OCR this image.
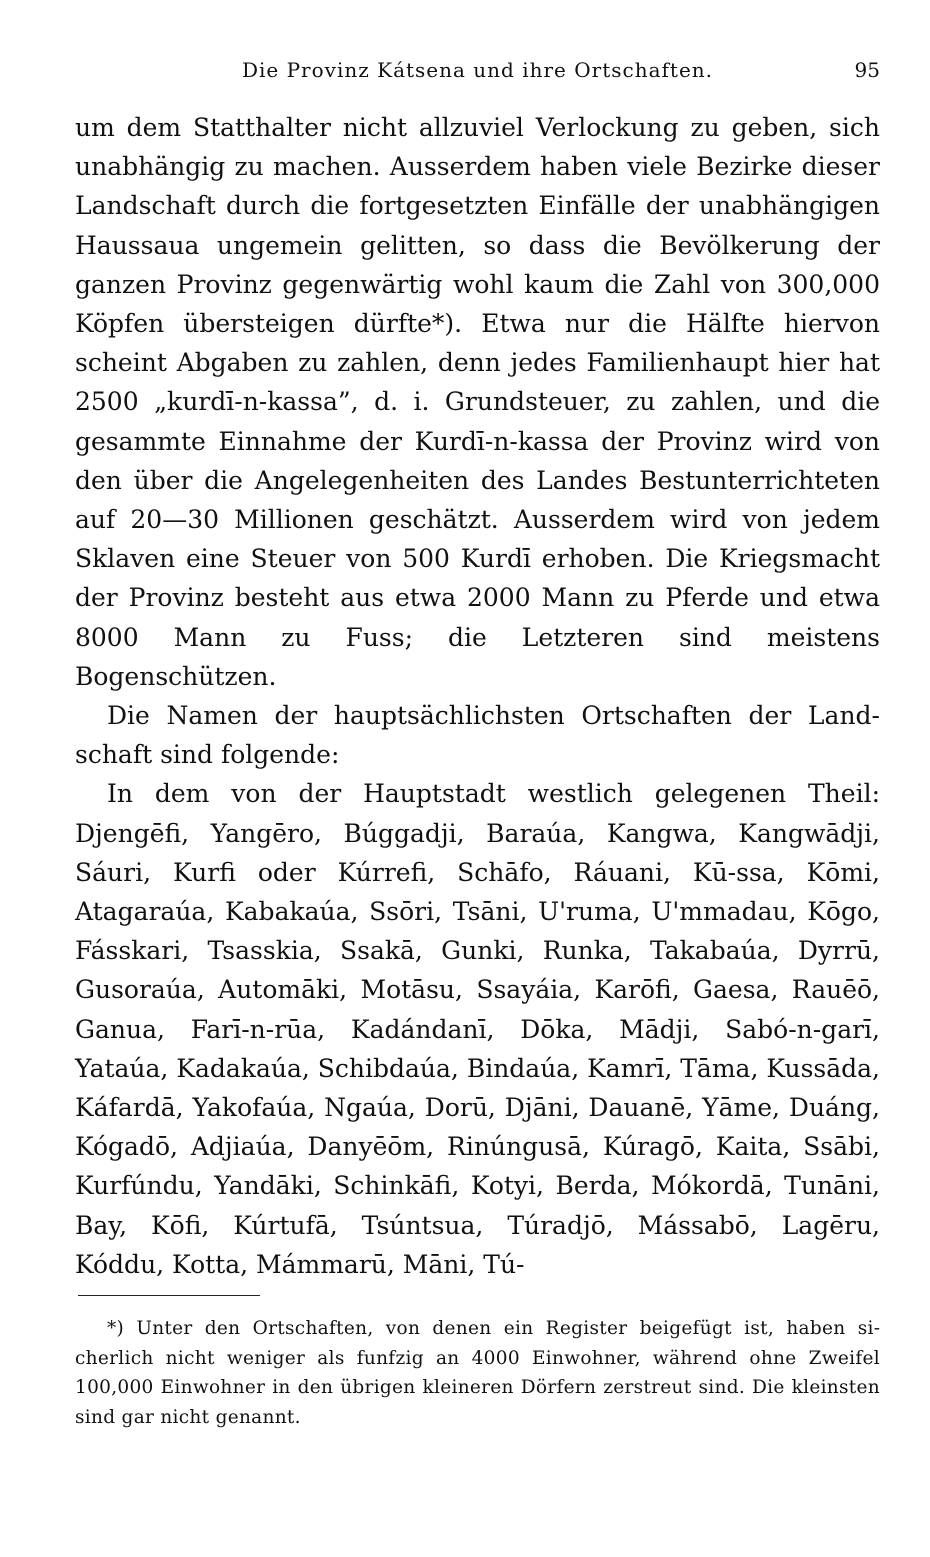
Die Provinz Kátsena und ihre Ortschaften.	95

um dem Statthalter nicht allzuviel Verlockung zu geben, sich unabhängig zu machen. Ausserdem haben viele Bezirke dieser Landschaft durch die fortgesetzten Einfälle der unabhängigen Haussaua ungemein gelitten, so dass die Bevölkerung der ganzen Provinz gegenwärtig wohl kaum die Zahl von 300,000 Köpfen übersteigen dürfte*). Etwa nur die Hälfte hiervon scheint Abgaben zu zahlen, denn jedes Familienhaupt hier hat 2500 „kurdī-n-kassa”, d. i. Grundsteuer, zu zahlen, und die gesammte Einnahme der Kurdī-n-kassa der Provinz wird von den über die Angelegenheiten des Landes Bestunterrichteten auf 20—30 Millionen geschätzt. Ausserdem wird von jedem Sklaven eine Steuer von 500 Kurdī erhoben. Die Kriegsmacht der Provinz besteht aus etwa 2000 Mann zu Pferde und etwa 8000 Mann zu Fuss; die Letzteren sind meistens Bogenschützen.

Die Namen der hauptsächlichsten Ortschaften der Landschaft sind folgende:

In dem von der Hauptstadt westlich gelegenen Theil: Djengēfi, Yangēro, Búggadji, Baraúa, Kangwa, Kangwādji, Sáuri, Kurfi oder Kúrrefi, Schāfo, Ráuani, Kū-ssa, Kōmi, Atagaraúa, Kabakaúa, Ssōri, Tsāni, U'ruma, U'mmadau, Kōgo, Fásskari, Tsasskia, Ssakā, Gunki, Runka, Takabaúa, Dyrrū, Gusoraúa, Automāki, Motāsu, Ssayáia, Karōfi, Gaesa, Rauēō, Ganua, Farī-n-rūa, Kadándanī, Dōka, Mādji, Sabó-n-garī, Yataúa, Kadakaúa, Schibdaúa, Bindaúa, Kamrī, Tāma, Kussāda, Káfardā, Yakofaúa, Ngaúa, Dorū, Djāni, Dauanē, Yāme, Duáng, Kógadō, Adjiaúa, Danyēōm, Rinúngusā, Kúragō, Kaita, Ssābi, Kurfúndu, Yandāki, Schinkāfi, Kotyi, Berda, Mókordā, Tunāni, Bay, Kōfi, Kúrtufā, Tsúntsua, Túradjō, Mássabō, Lagēru, Kóddu, Kotta, Mámmarū, Māni, Tú-

*) Unter den Ortschaften, von denen ein Register beigefügt ist, haben sicherlich nicht weniger als funfzig an 4000 Einwohner, während ohne Zweifel 100,000 Einwohner in den übrigen kleineren Dörfern zerstreut sind. Die kleinsten sind gar nicht genannt.
